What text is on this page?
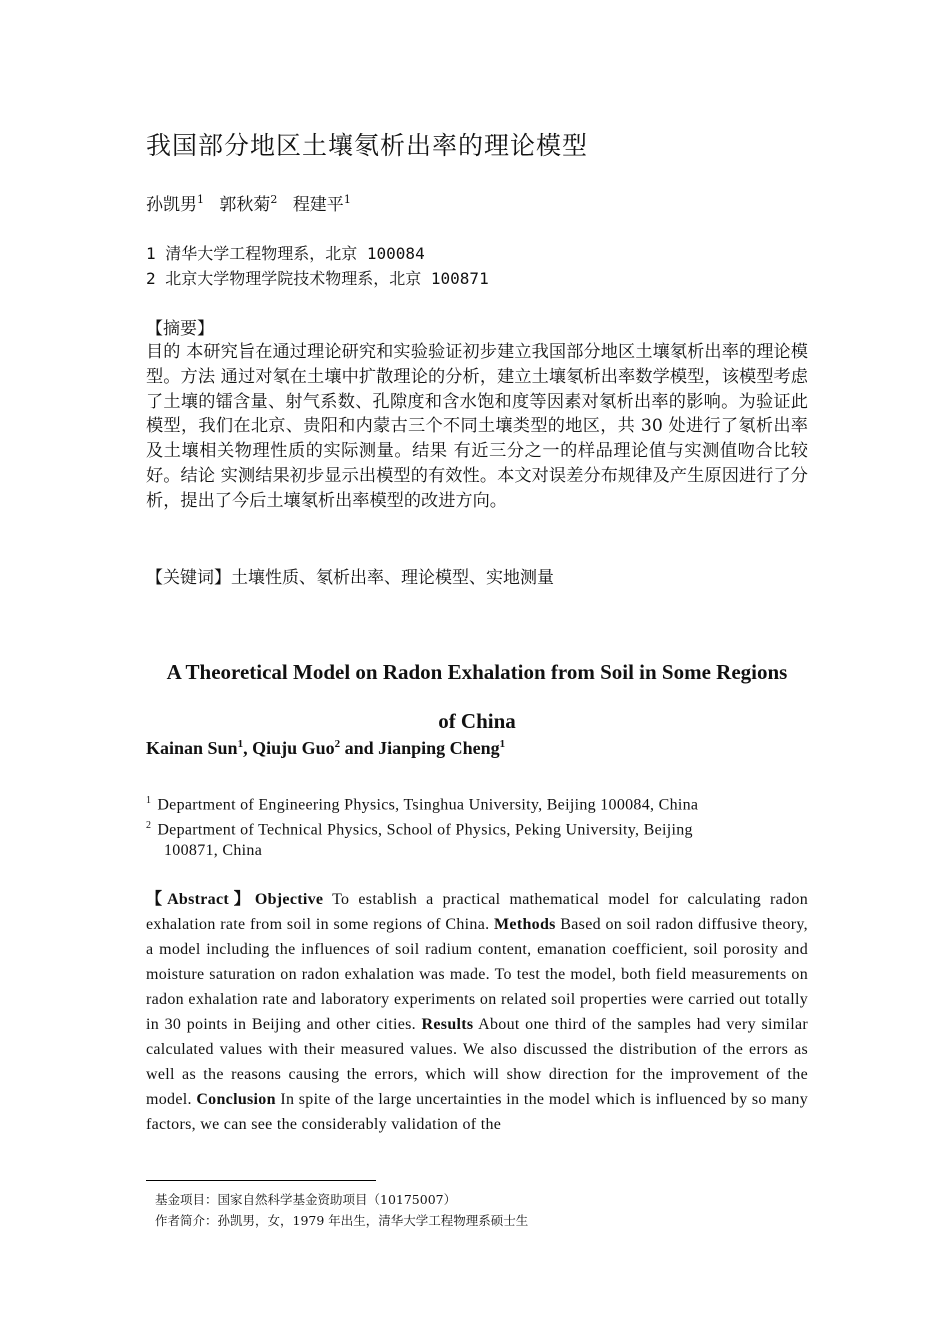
我国部分地区土壤氡析出率的理论模型
孙凯男$^1$ 郭秋菊$^2$ 程建平$^1$
1 清华大学工程物理系，北京 100084
2 北京大学物理学院技术物理系，北京 100871
【摘要】
目的 本研究旨在通过理论研究和实验验证初步建立我国部分地区土壤氡析出率的理论模型。方法 通过对氡在土壤中扩散理论的分析，建立土壤氡析出率数学模型，该模型考虑了土壤的镭含量、射气系数、孔隙度和含水饱和度等因素对氡析出率的影响。为验证此模型，我们在北京、贵阳和内蒙古三个不同土壤类型的地区，共 30 处进行了氡析出率及土壤相关物理性质的实际测量。结果 有近三分之一的样品理论值与实测值吻合比较好。结论 实测结果初步显示出模型的有效性。本文对误差分布规律及产生原因进行了分析，提出了今后土壤氡析出率模型的改进方向。
【关键词】土壤性质、氡析出率、理论模型、实地测量
A Theoretical Model on Radon Exhalation from Soil in Some Regions
of China
Kainan Sun$^1$, Qiuju Guo$^2$ and Jianping Cheng$^1$
$^1$ Department of Engineering Physics, Tsinghua University, Beijing 100084, China
$^2$ Department of Technical Physics, School of Physics, Peking University, Beijing
100871, China
【Abstract】Objective To establish a practical mathematical model for calculating radon exhalation rate from soil in some regions of China. Methods Based on soil radon diffusive theory, a model including the influences of soil radium content, emanation coefficient, soil porosity and moisture saturation on radon exhalation was made. To test the model, both field measurements on radon exhalation rate and laboratory experiments on related soil properties were carried out totally in 30 points in Beijing and other cities. Results About one third of the samples had very similar calculated values with their measured values. We also discussed the distribution of the errors as well as the reasons causing the errors, which will show direction for the improvement of the model. Conclusion In spite of the large uncertainties in the model which is influenced by so many factors, we can see the considerably validation of the
基金项目：国家自然科学基金资助项目（10175007）
作者简介：孙凯男，女，1979 年出生，清华大学工程物理系硕士生
